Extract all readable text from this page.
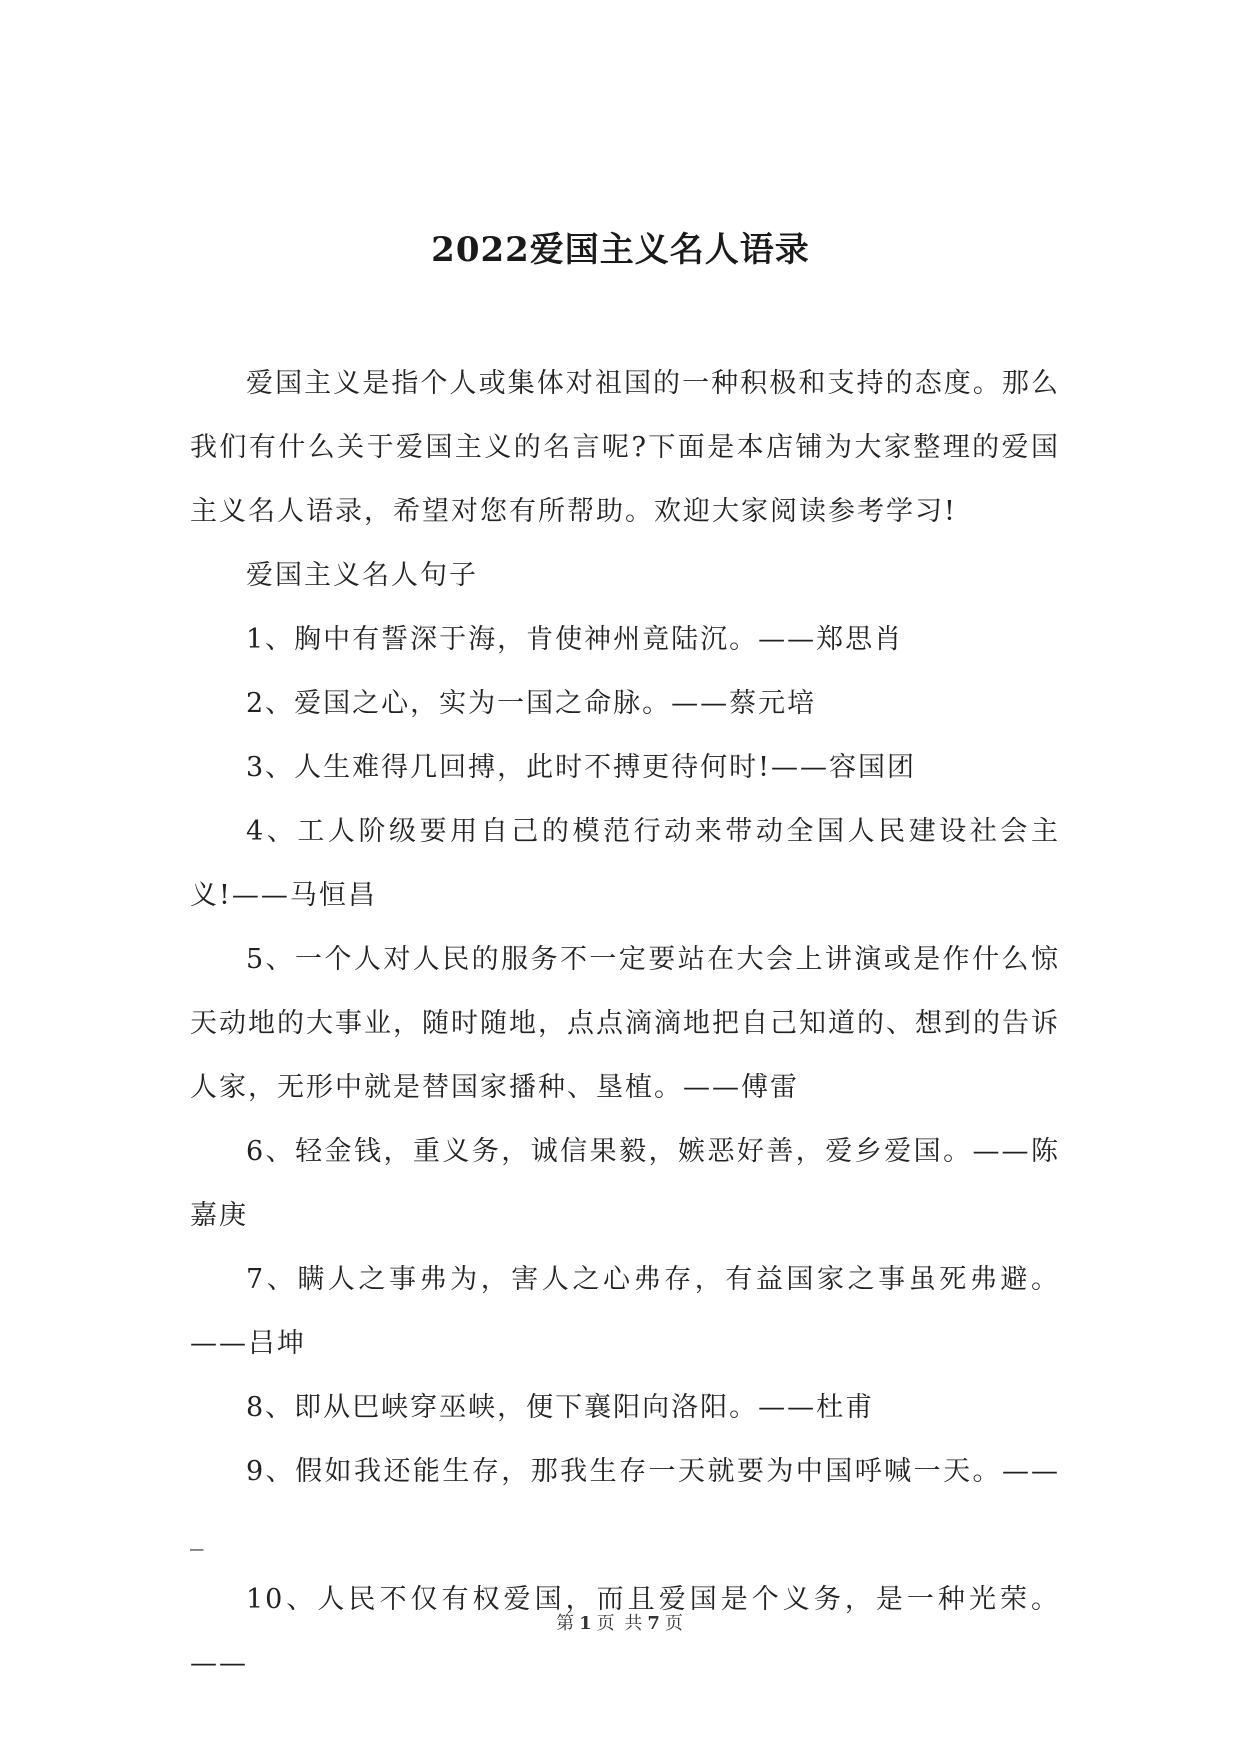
2022爱国主义名人语录

爱国主义是指个人或集体对祖国的一种积极和支持的态度。那么我们有什么关于爱国主义的名言呢?下面是本店铺为大家整理的爱国主义名人语录，希望对您有所帮助。欢迎大家阅读参考学习!

爱国主义名人句子

1、胸中有誓深于海，肯使神州竟陆沉。——郑思肖

2、爱国之心，实为一国之命脉。——蔡元培

3、人生难得几回搏，此时不搏更待何时!——容国团

4、工人阶级要用自己的模范行动来带动全国人民建设社会主义!——马恒昌

5、一个人对人民的服务不一定要站在大会上讲演或是作什么惊天动地的大事业，随时随地，点点滴滴地把自己知道的、想到的告诉人家，无形中就是替国家播种、垦植。——傅雷

6、轻金钱，重义务，诚信果毅，嫉恶好善，爱乡爱国。——陈嘉庚

7、瞒人之事弗为，害人之心弗存，有益国家之事虽死弗避。——吕坤

8、即从巴峡穿巫峡，便下襄阳向洛阳。——杜甫

9、假如我还能生存，那我生存一天就要为中国呼喊一天。——_

10、人民不仅有权爱国，而且爱国是个义务，是一种光荣。——

第 1 页 共 7 页
